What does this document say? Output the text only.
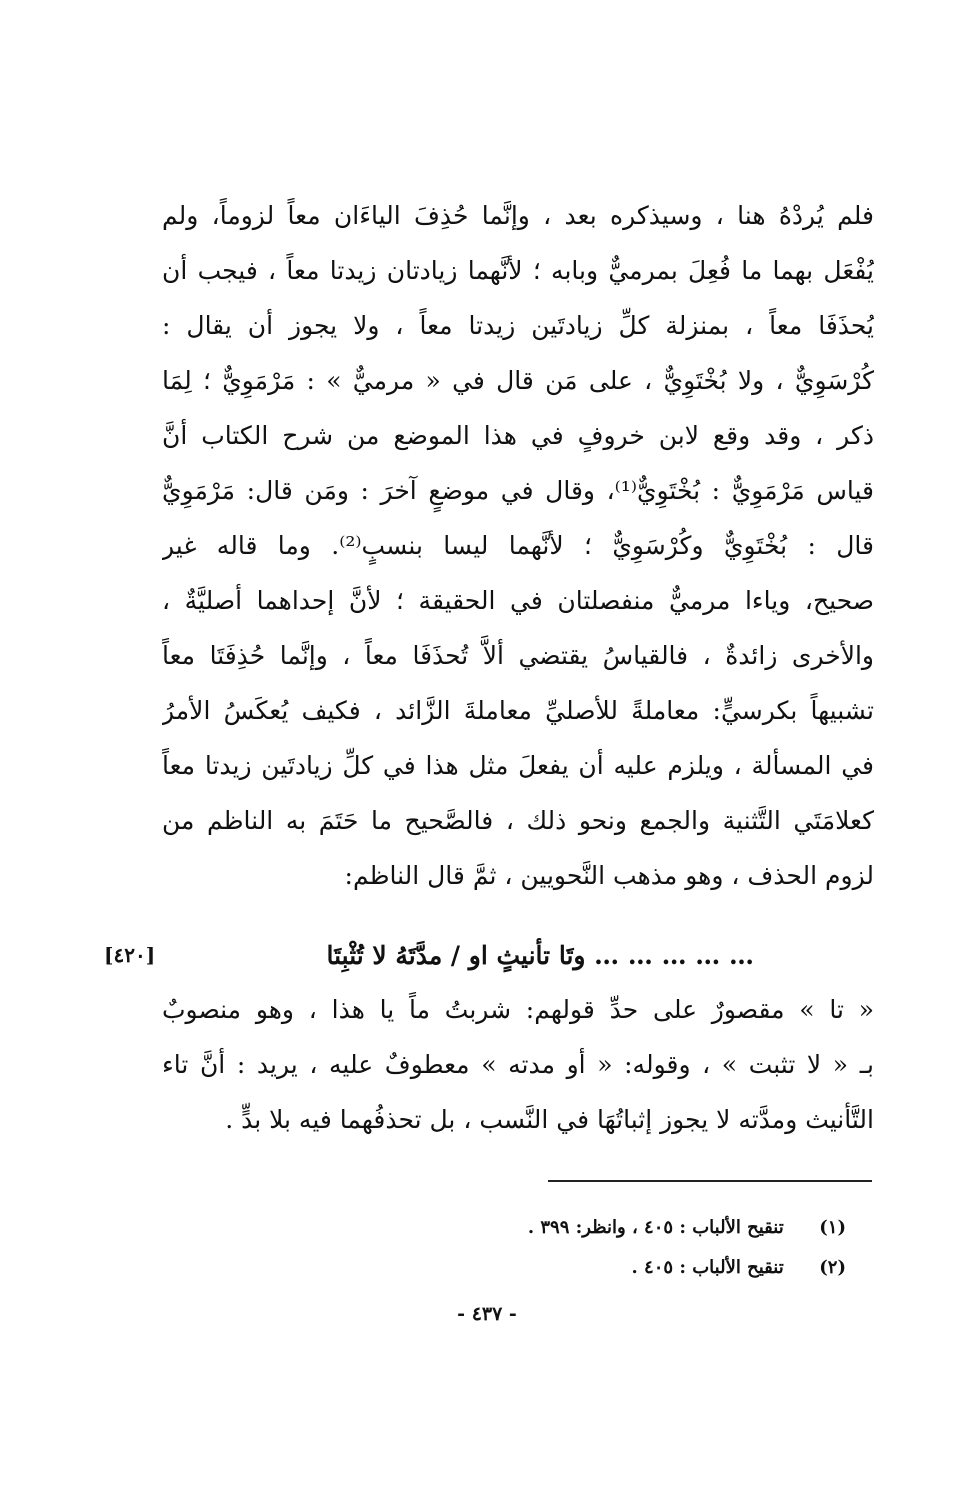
فلم يُردْهُ هنا ، وسيذكره بعد ، وإنَّما حُذِفَ الياءَان معاً لزوماً، ولم
يُفْعَل بهما ما فُعِلَ بمرميٌّ وبابه ؛ لأنَّهما زيادتان زيدتا معاً ، فيجب أن
يُحذَفَا معاً ، بمنزلة كلِّ زيادتَين زيدتا معاً ، ولا يجوز أن يقال :
كُرْسَوِيٌّ ، ولا بُخْتَوِيٌّ ، على مَن قال في « مرميٌّ » : مَرْمَوِيٌّ ؛ لِمَا
ذكر ، وقد وقع لابن خروفٍ في هذا الموضع من شرح الكتاب أنَّ
قياس مَرْمَوِيٌّ : بُخْتَوِيٌّ⁽¹⁾، وقال في موضعٍ آخرَ : ومَن قال: مَرْمَوِيٌّ
قال : بُخْتَوِيٌّ وكُرْسَوِيٌّ ؛ لأنَّهما ليسا بنسبٍ⁽²⁾. وما قاله غير
صحيح، وياءا مرميٌّ منفصلتان في الحقيقة ؛ لأنَّ إحداهما أصليَّةٌ ،
والأخرى زائدةٌ ، فالقياسُ يقتضي ألاَّ تُحذَفَا معاً ، وإنَّما حُذِفَتَا معاً
تشبيهاً بكرسيٍّ: معاملةً للأصليِّ معاملةَ الزَّائد ، فكيف يُعكَسُ الأمرُ
في المسألة ، ويلزم عليه أن يفعلَ مثل هذا في كلِّ زيادتَين زيدتا معاً
كعلامَتَي التَّثنية والجمع ونحو ذلك ، فالصَّحيح ما حَتَمَ به الناظم من
لزوم الحذف ، وهو مذهب النَّحويين ، ثمَّ قال الناظم:
… … … … … وتَا تأنيثٍ او / مدَّتَهُ لا تُثْبِتَا
[٤٢٠]
« تا » مقصورٌ على حدِّ قولهم: شربتُ ماً يا هذا ، وهو منصوبٌ
بـ « لا تثبت » ، وقوله: « أو مدته » معطوفٌ عليه ، يريد : أنَّ تاء
التَّأنيث ومدَّته لا يجوز إثباتُهَا في النَّسب ، بل تحذفُهما فيه بلا بدٍّ .
(١) تنقيح الألباب : ٤٠٥ ، وانظر: ٣٩٩ .
(٢) تنقيح الألباب : ٤٠٥ .
- ٤٣٧ -
